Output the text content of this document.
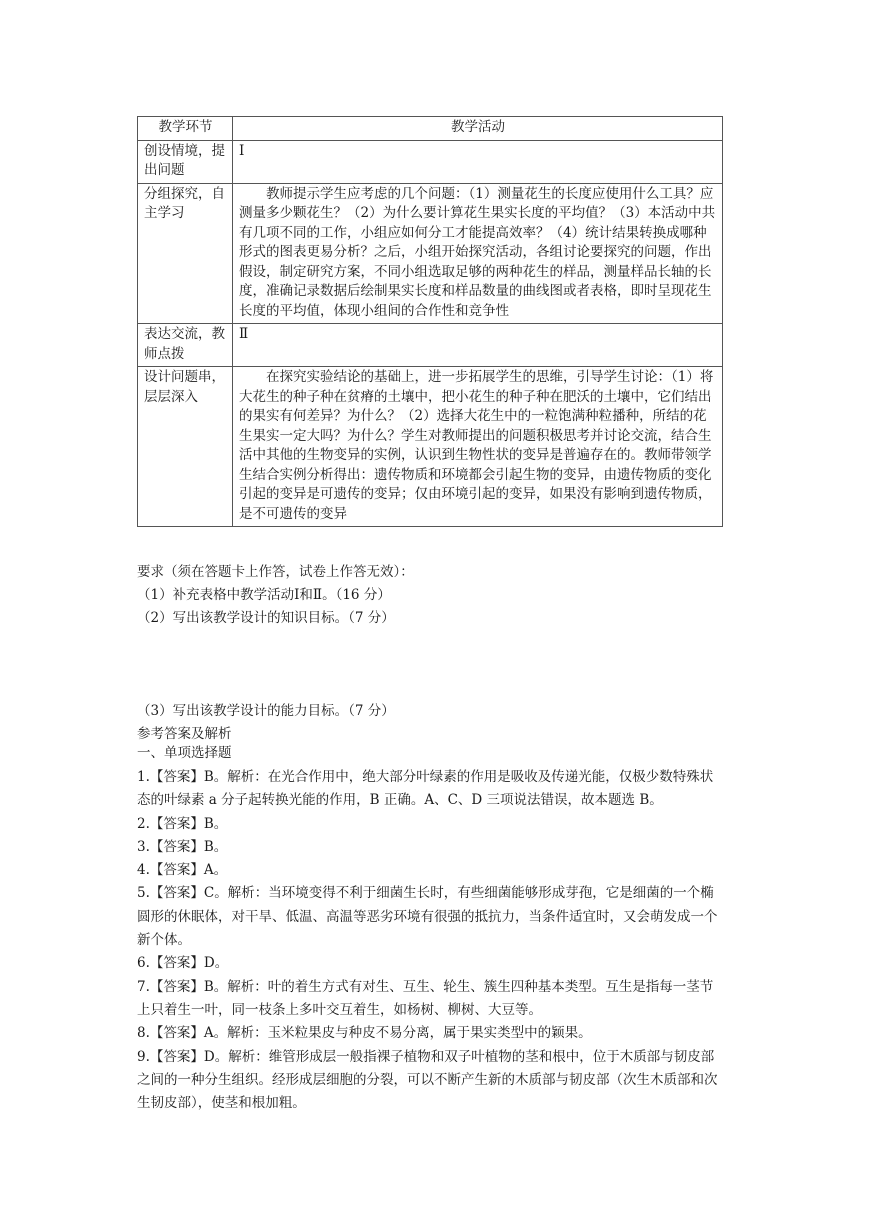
教学环节	教学活动
创设情境，提出问题	Ⅰ
分组探究，自主学习	教师提示学生应考虑的几个问题：（1）测量花生的长度应使用什么工具？应测量多少颗花生？（2）为什么要计算花生果实长度的平均值？（3）本活动中共有几项不同的工作，小组应如何分工才能提高效率？（4）统计结果转换成哪种形式的图表更易分析？之后，小组开始探究活动，各组讨论要探究的问题，作出假设，制定研究方案，不同小组选取足够的两种花生的样品，测量样品长轴的长度，准确记录数据后绘制果实长度和样品数量的曲线图或者表格，即时呈现花生长度的平均值，体现小组间的合作性和竞争性
表达交流，教师点拨	Ⅱ
设计问题串，层层深入	在探究实验结论的基础上，进一步拓展学生的思维，引导学生讨论：（1）将大花生的种子种在贫瘠的土壤中，把小花生的种子种在肥沃的土壤中，它们结出的果实有何差异？为什么？（2）选择大花生中的一粒饱满种粒播种，所结的花生果实一定大吗？为什么？学生对教师提出的问题积极思考并讨论交流，结合生活中其他的生物变异的实例，认识到生物性状的变异是普遍存在的。教师带领学生结合实例分析得出：遗传物质和环境都会引起生物的变异，由遗传物质的变化引起的变异是可遗传的变异；仅由环境引起的变异，如果没有影响到遗传物质，是不可遗传的变异
要求（须在答题卡上作答，试卷上作答无效）：
（1）补充表格中教学活动Ⅰ和Ⅱ。（16 分）
（2）写出该教学设计的知识目标。（7 分）
（3）写出该教学设计的能力目标。（7 分）
参考答案及解析
一、单项选择题

1.【答案】B。解析：在光合作用中，绝大部分叶绿素的作用是吸收及传递光能，仅极少数特殊状态的叶绿素 a 分子起转换光能的作用，B 正确。A、C、D 三项说法错误，故本题选 B。

2.【答案】B。

3.【答案】B。

4.【答案】A。

5.【答案】C。解析：当环境变得不利于细菌生长时，有些细菌能够形成芽孢，它是细菌的一个椭圆形的休眠体，对干旱、低温、高温等恶劣环境有很强的抵抗力，当条件适宜时，又会萌发成一个新个体。

6.【答案】D。

7.【答案】B。解析：叶的着生方式有对生、互生、轮生、簇生四种基本类型。互生是指每一茎节上只着生一叶，同一枝条上多叶交互着生，如杨树、柳树、大豆等。

8.【答案】A。解析：玉米粒果皮与种皮不易分离，属于果实类型中的颖果。

9.【答案】D。解析：维管形成层一般指裸子植物和双子叶植物的茎和根中，位于木质部与韧皮部之间的一种分生组织。经形成层细胞的分裂，可以不断产生新的木质部与韧皮部（次生木质部和次生韧皮部），使茎和根加粗。
